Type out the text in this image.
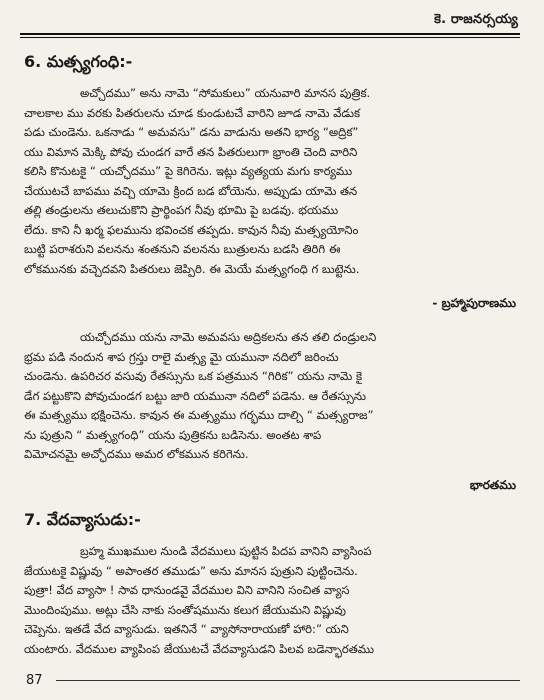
కె. రాజనర్సయ్య
6. మత్స్యగంధి:-
అచ్చోదము” అను నామె “సోమకులు” యనువారి మానస పుత్రిక.
చాలకాల ము వరకు పితరులను చూడ కుండుటచే వారిని జూడ నామె వేడుక
పడు చుండెను. ఒకనాడు “ అమవసు” డను వాడును అతని భార్య “అద్రిక”
యు విమాన మెక్కి పోవు చుండగ వారే తన పితరులుగా భ్రాంతి చెంది వారిని
కలిసి కొనుటకై “ యచ్ఛోదము” పై కెగిరెను. ఇట్లు వ్యత్యయ మగు కార్యము
చేయుటచే బాపము వచ్చి యామె క్రింద బడ బోయెను. అప్పుడు యామె తన
తల్లి తండ్రులను తలుచుకొని ప్రార్థింపగ నీవు భూమి పై బడవు. భయము
లేదు. కాని నీ ఖర్మ ఫలమును భవించక తప్పదు. కావున నీవు మత్స్యయోనిం
బుట్టి పరాశరుని వలనను శంతనుని వలనను బుత్రులను బడసి తిరిగి ఈ
లోకమునకు వచ్చెదవని పితరులు జెప్పిరి. ఈ మెయే మత్స్యగంధి గ బుట్టెను.
- బ్రహ్మాపురాణము
యచ్చోదము యను నామె అమవసు అద్రికలను తన తలి దండ్రులని
భ్రమ పడి నందున శాప గ్రస్తు రాలై మత్స్య మై యమునా నదిలో జరించు
చుండెను. ఉపరిచర వసువు రేతస్సును ఒక పత్రమున “గిరిక” యను నామె కై
డేగ పట్టుకొని పోవుచుండగ బట్టు జారి యమునా నదిలో పడెను. ఆ రేతస్సును
ఈ మత్స్యము భక్షించెను. కావున ఈ మత్స్యము గర్భము దాల్చి “ మత్స్యరాజ”
ను పుత్రుని “ మత్స్యగంధి” యను పుత్రికను బడిసెను. అంతట శాప
విమోచనమై అచ్ఛోదము అమర లోకమున కరిగెను.
భారతము
7. వేదవ్యాసుడు:-
బ్రహ్మ ముఖముల నుండి వేదములు పుట్టిన పిదప వానిని వ్యాసింప
జేయుటకై విష్ణువు “ అపాంతర తముడు” అను మానస పుత్రుని పుట్టించెను.
పుత్రా! వేద వ్యాసా ! సావ ధానుండవై వేదముల విని వానిని సంచిత వ్యాస
మొందింపుము. అట్లు చేసి నాకు సంతోషమును కలుగ జేయుమని విష్ణువు
చెప్పెను. ఇతడే వేద వ్యాసుడు. ఇతనినే “ వ్యాసోనారాయణో హారి:” యని
యంటారు. వేదముల వ్యాపింప జేయుటచే వేదవ్యాసుడని పిలవ బడెన్భారతము
87
